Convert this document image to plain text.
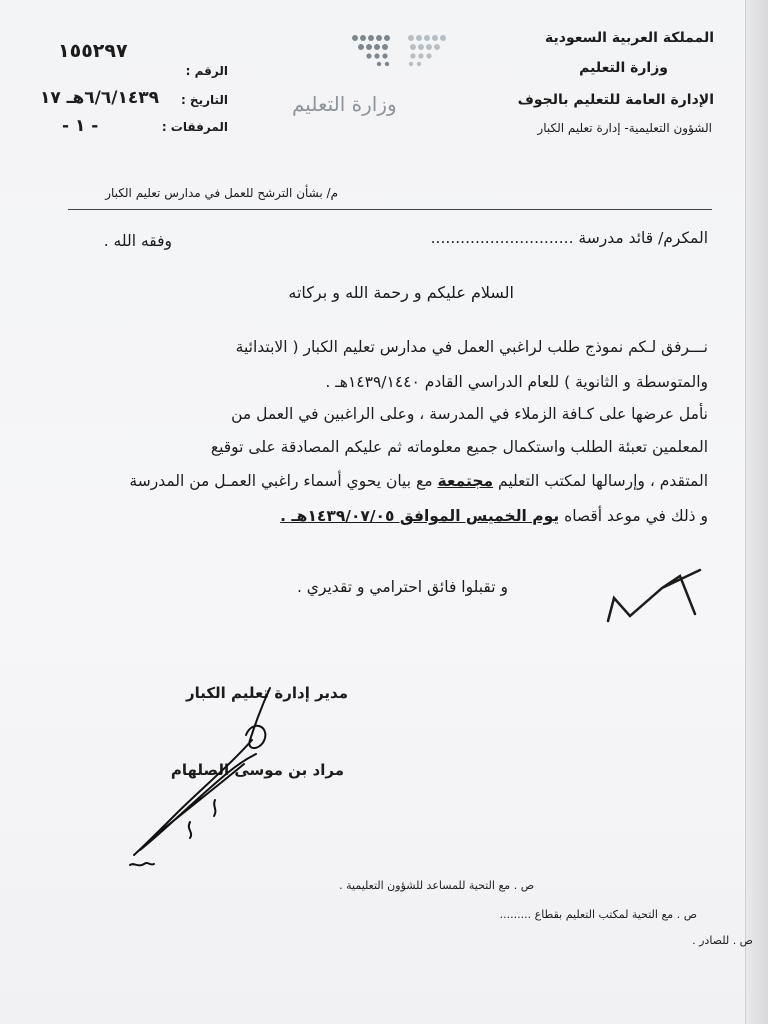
المملكة العربية السعودية
وزارة التعليم
الإدارة العامة للتعليم بالجوف
الشؤون التعليمية- إدارة تعليم الكبار
وزارة التعليم
الرقم :
التاريخ :
المرفقات :
١٥٥٢٩٧
٦/٦/١٤٣٩هـ ١٧
- ١ -
م/ بشأن الترشح للعمل في مدارس تعليم الكبار
المكرم/ قائد مدرسة .............................
وفقه الله .
السلام عليكم و رحمة الله و بركاته
نـــرفق لـكم نموذج طلب لراغبي العمل في مدارس تعليم الكبار ( الابتدائية
والمتوسطة و الثانوية ) للعام الدراسي القادم ١٤٣٩/١٤٤٠هـ .
نأمل عرضها على كـافة الزملاء في المدرسة ، وعلى الراغبين في العمل من
المعلمين تعبئة الطلب واستكمال جميع معلوماته ثم عليكم المصادقة على توقيع
المتقدم ، وإرسالها لمكتب التعليم مجتمعة مع بيان يحوي أسماء راغبي العمـل من المدرسة
و ذلك في موعد أقصاه يوم الخميس الموافق ١٤٣٩/٠٧/٠٥هـ .
و تقبلوا فائق احترامي و تقديري .
مدير إدارة تعليم الكبار
مراد بن موسى الصلهام
ص . مع التحية للمساعد للشؤون التعليمية .
ص . مع التحية لمكتب التعليم بقطاع .........
ص . للصادر .
